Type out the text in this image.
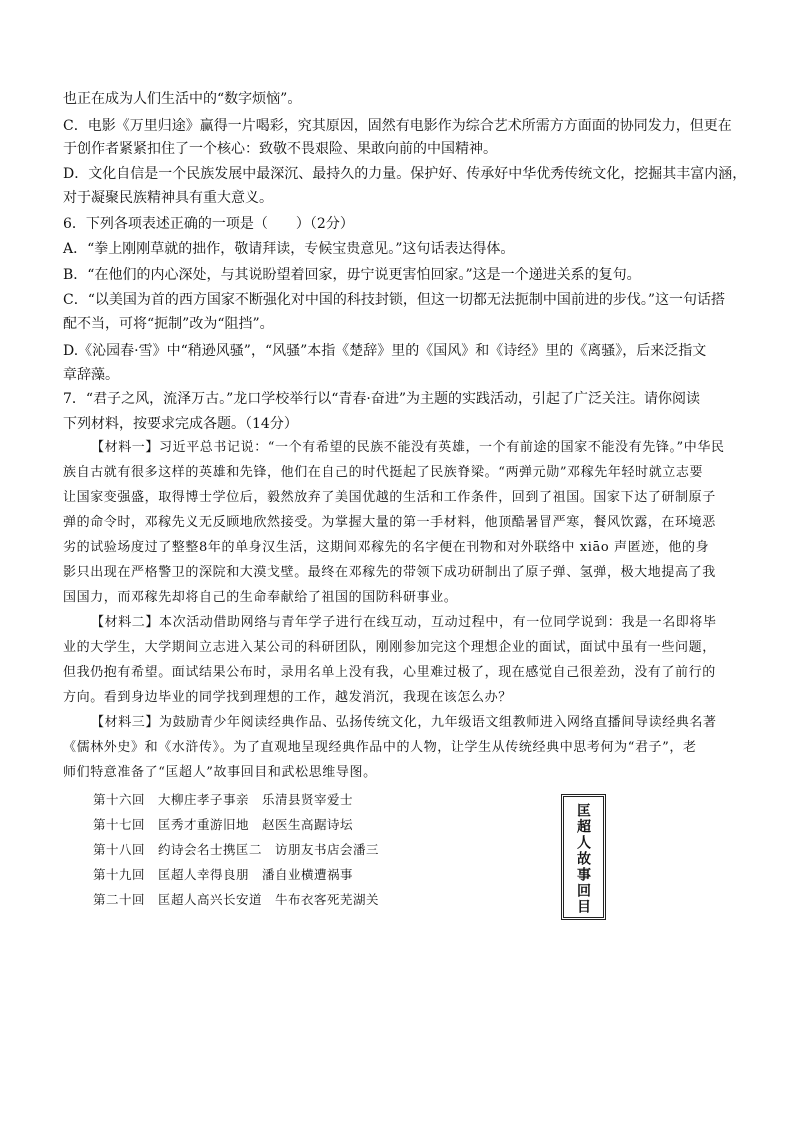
也正在成为人们生活中的“数字烦恼”。
C．电影《万里归途》赢得一片喝彩，究其原因，固然有电影作为综合艺术所需方方面面的协同发力，但更在
于创作者紧紧扣住了一个核心：致敬不畏艰险、果敢向前的中国精神。
D．文化自信是一个民族发展中最深沉、最持久的力量。保护好、传承好中华优秀传统文化，挖掘其丰富内涵，
对于凝聚民族精神具有重大意义。
6．下列各项表述正确的一项是（　　）（2分）
A．“拳上刚刚草就的拙作，敬请拜读，专候宝贵意见。”这句话表达得体。
B．“在他们的内心深处，与其说盼望着回家，毋宁说更害怕回家。”这是一个递进关系的复句。
C．“以美国为首的西方国家不断强化对中国的科技封锁，但这一切都无法扼制中国前进的步伐。”这一句话搭
配不当，可将“扼制”改为“阻挡”。
D.《沁园春·雪》中“稍逊风骚”，“风骚”本指《楚辞》里的《国风》和《诗经》里的《离骚》，后来泛指文
章辞藻。
7．“君子之风，流泽万古。”龙口学校举行以“青春·奋进”为主题的实践活动，引起了广泛关注。请你阅读
下列材料，按要求完成各题。（14分）
【材料一】习近平总书记说：“一个有希望的民族不能没有英雄，一个有前途的国家不能没有先锋。”中华民
族自古就有很多这样的英雄和先锋，他们在自己的时代挺起了民族脊梁。“两弹元勋”邓稼先年轻时就立志要
让国家变强盛，取得博士学位后，毅然放弃了美国优越的生活和工作条件，回到了祖国。国家下达了研制原子
弹的命令时，邓稼先义无反顾地欣然接受。为掌握大量的第一手材料，他顶酷暑冒严寒，餐风饮露，在环境恶
劣的试验场度过了整整8年的单身汉生活，这期间邓稼先的名字便在刊物和对外联络中 xiāo 声匿迹，他的身
影只出现在严格警卫的深院和大漠戈壁。最终在邓稼先的带领下成功研制出了原子弹、氢弹，极大地提高了我
国国力，而邓稼先却将自己的生命奉献给了祖国的国防科研事业。
【材料二】本次活动借助网络与青年学子进行在线互动，互动过程中，有一位同学说到：我是一名即将毕
业的大学生，大学期间立志进入某公司的科研团队，刚刚参加完这个理想企业的面试，面试中虽有一些问题，
但我仍抱有希望。面试结果公布时，录用名单上没有我，心里难过极了，现在感觉自己很差劲，没有了前行的
方向。看到身边毕业的同学找到理想的工作，越发消沉，我现在该怎么办？
【材料三】为鼓励青少年阅读经典作品、弘扬传统文化，九年级语文组教师进入网络直播间导读经典名著
《儒林外史》和《水浒传》。为了直观地呈现经典作品中的人物，让学生从传统经典中思考何为“君子”，老
师们特意准备了“匡超人”故事回目和武松思维导图。
第十六回　大柳庄孝子事亲　乐清县贤宰爱士
第十七回　匡秀才重游旧地　赵医生高踞诗坛
第十八回　约诗会名士携匡二　访朋友书店会潘三
第十九回　匡超人幸得良朋　潘自业横遭祸事
第二十回　匡超人高兴长安道　牛布衣客死芜湖关	匡超人故事回目
